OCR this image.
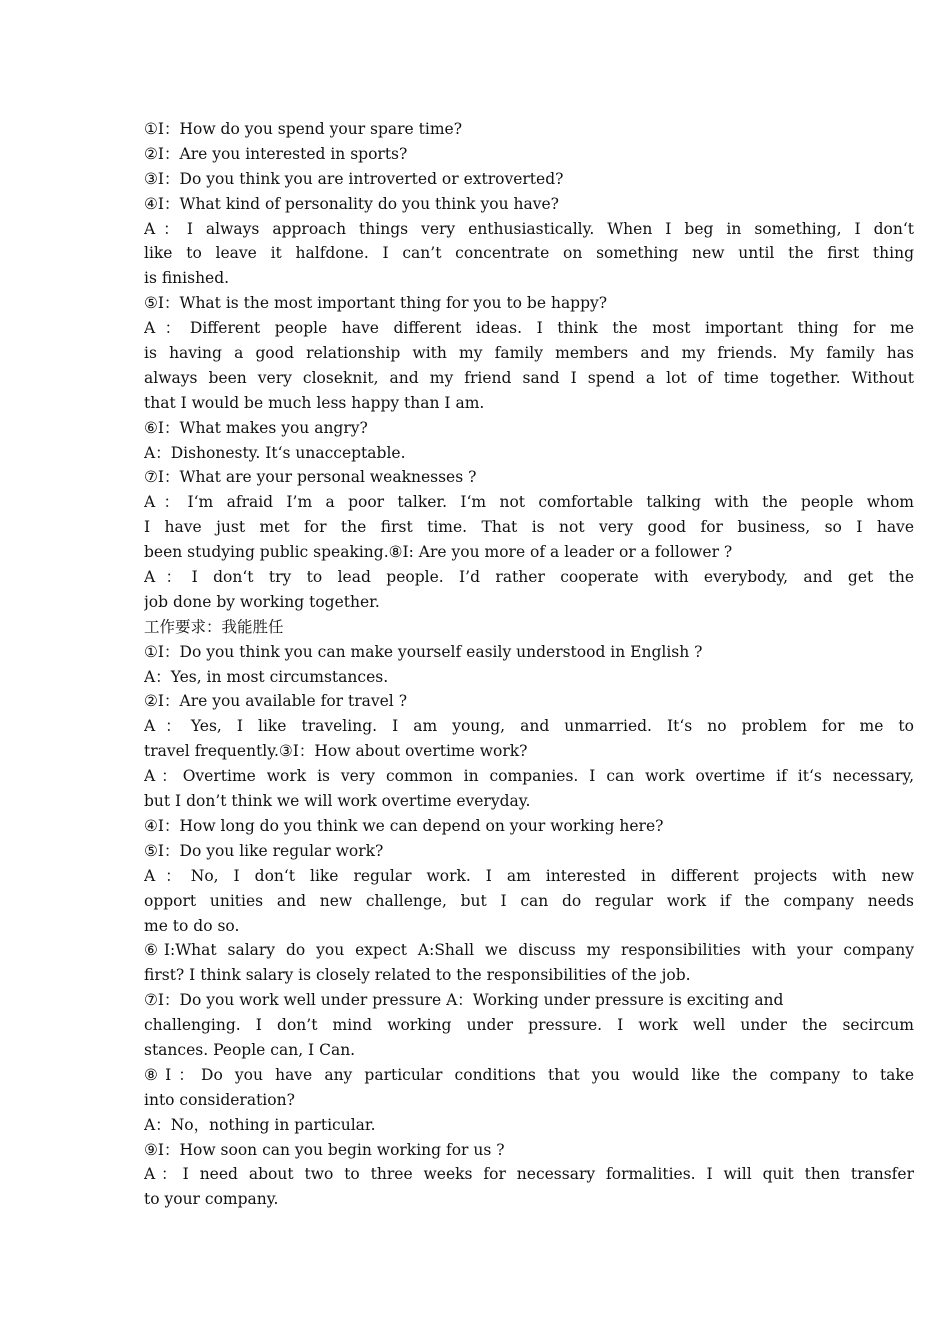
①I：How do you spend your spare time?
②I：Are you interested in sports?
③I：Do you think you are introverted or extroverted?
④I：What kind of personality do you think you have?
A：I always approach things very enthusiastically. When I beg in something, I don‘t
like to leave it halfdone. I can’t concentrate on something new until the first thing
is finished.
⑤I：What is the most important thing for you to be happy?
A：Different people have different ideas. I think the most important thing for me
is having a good relationship with my family members and my friends. My family has
always been very closeknit, and my friend sand I spend a lot of time together. Without
that I would be much less happy than I am.
⑥I：What makes you angry?
A：Dishonesty. It‘s unacceptable.
⑦I：What are your personal weaknesses ?
A：I‘m afraid I’m a poor talker. I‘m not comfortable talking with the people whom
I have just met for the first time. That is not very good for business, so I have
been studying public speaking.⑧I: Are you more of a leader or a follower ?
A：I don‘t try to lead people. I’d rather cooperate with everybody, and get the
job done by working together.
工作要求：我能胜任
①I：Do you think you can make yourself easily understood in English ?
A：Yes, in most circumstances.
②I：Are you available for travel ?
A：Yes, I like traveling. I am young, and unmarried. It‘s no problem for me to
travel frequently.③I：How about overtime work?
A：Overtime work is very common in companies. I can work overtime if it‘s necessary,
but I don’t think we will work overtime everyday.
④I：How long do you think we can depend on your working here?
⑤I：Do you like regular work?
A：No, I don‘t like regular work. I am interested in different projects with new
opport unities and new challenge, but I can do regular work if the company needs
me to do so.
⑥I:What salary do you expect A:Shall we discuss my responsibilities with your company
first? I think salary is closely related to the responsibilities of the job.
⑦I：Do you work well under pressure A：Working under pressure is exciting and
challenging. I don’t mind working under pressure. I work well under the secircum
stances. People can, I Can.
⑧I：Do you have any particular conditions that you would like the company to take
into consideration?
A：No，nothing in particular.
⑨I：How soon can you begin working for us ?
A：I need about two to three weeks for necessary formalities. I will quit then transfer
to your company.
